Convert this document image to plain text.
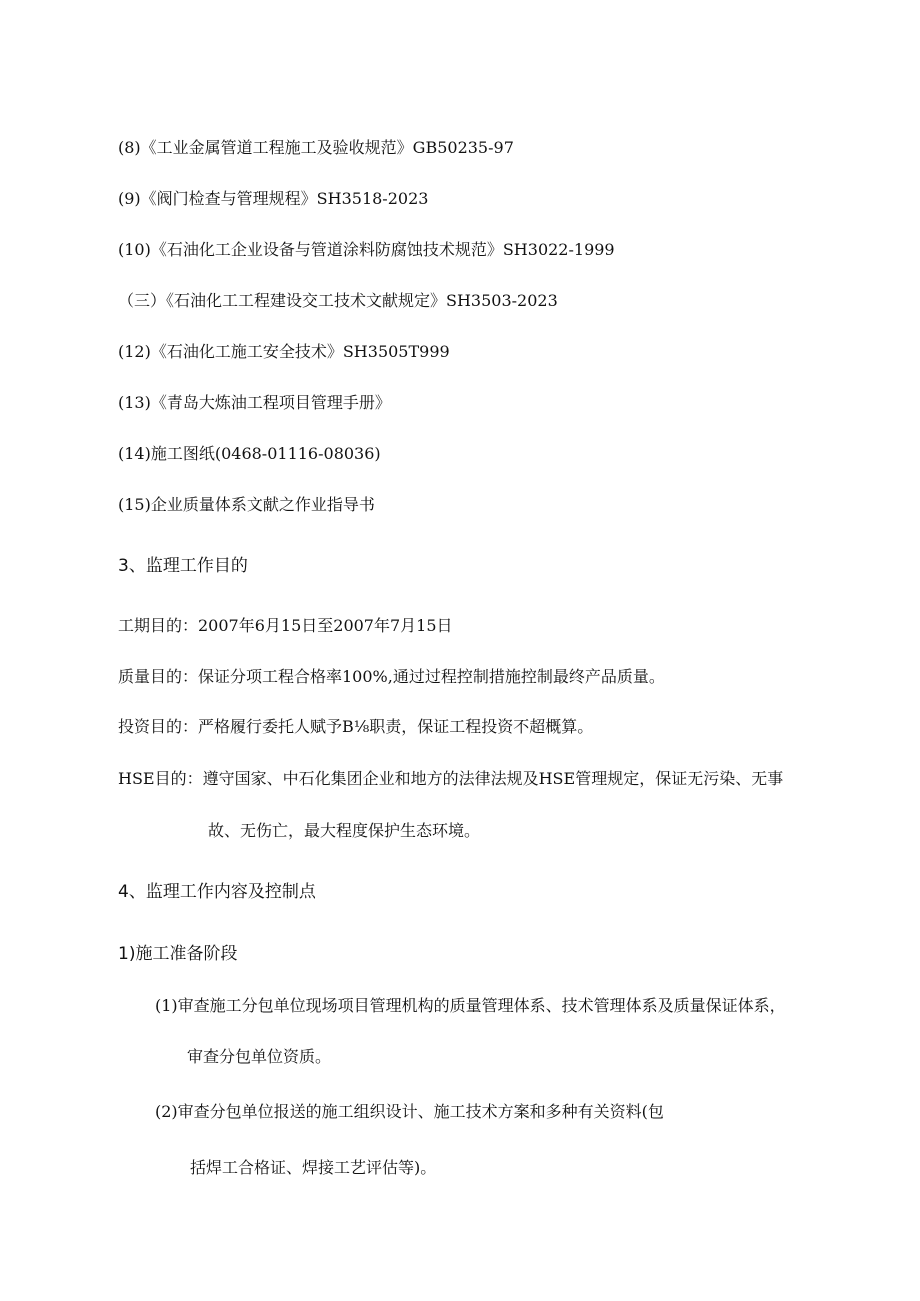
(8)《工业金属管道工程施工及验收规范》GB50235-97
(9)《阀门检查与管理规程》SH3518-2023
(10)《石油化工企业设备与管道涂料防腐蚀技术规范》SH3022-1999
（三）《石油化工工程建设交工技术文献规定》SH3503-2023
(12)《石油化工施工安全技术》SH3505T999
(13)《青岛大炼油工程项目管理手册》
(14)施工图纸(0468-01116-08036)
(15)企业质量体系文献之作业指导书
3、监理工作目的
工期目的：2007年6月15日至2007年7月15日
质量目的：保证分项工程合格率100%,通过过程控制措施控制最终产品质量。
投资目的：严格履行委托人赋予B⅛职责，保证工程投资不超概算。
HSE目的：遵守国家、中石化集团企业和地方的法律法规及HSE管理规定，保证无污染、无事
故、无伤亡，最大程度保护生态环境。
4、监理工作内容及控制点
1)施工准备阶段
(1)审查施工分包单位现场项目管理机构的质量管理体系、技术管理体系及质量保证体系，
审查分包单位资质。
(2)审查分包单位报送的施工组织设计、施工技术方案和多种有关资料(包
括焊工合格证、焊接工艺评估等)。
